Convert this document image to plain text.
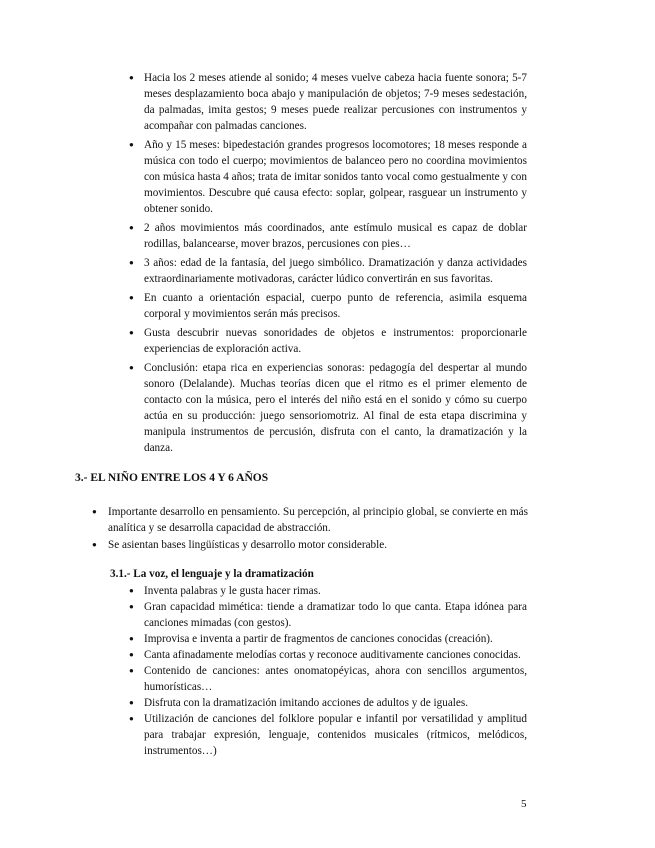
● Hacia los 2 meses atiende al sonido; 4 meses vuelve cabeza hacia fuente sonora; 5-7 meses desplazamiento boca abajo y manipulación de objetos; 7-9 meses sedestación, da palmadas, imita gestos; 9 meses puede realizar percusiones con instrumentos y acompañar con palmadas canciones.
● Año y 15 meses: bipedestación grandes progresos locomotores; 18 meses responde a música con todo el cuerpo; movimientos de balanceo pero no coordina movimientos con música hasta 4 años; trata de imitar sonidos tanto vocal como gestualmente y con movimientos. Descubre qué causa efecto: soplar, golpear, rasguear un instrumento y obtener sonido.
● 2 años movimientos más coordinados, ante estímulo musical es capaz de doblar rodillas, balancearse, mover brazos, percusiones con pies…
● 3 años: edad de la fantasía, del juego simbólico. Dramatización y danza actividades extraordinariamente motivadoras, carácter lúdico convertirán en sus favoritas.
● En cuanto a orientación espacial, cuerpo punto de referencia, asimila esquema corporal y movimientos serán más precisos.
● Gusta descubrir nuevas sonoridades de objetos e instrumentos: proporcionarle experiencias de exploración activa.
● Conclusión: etapa rica en experiencias sonoras: pedagogía del despertar al mundo sonoro (Delalande). Muchas teorías dicen que el ritmo es el primer elemento de contacto con la música, pero el interés del niño está en el sonido y cómo su cuerpo actúa en su producción: juego sensoriomotriz. Al final de esta etapa discrimina y manipula instrumentos de percusión, disfruta con el canto, la dramatización y la danza.
3.- EL NIÑO ENTRE LOS 4 Y 6 AÑOS
● Importante desarrollo en pensamiento. Su percepción, al principio global, se convierte en más analítica y se desarrolla capacidad de abstracción.
● Se asientan bases lingüísticas y desarrollo motor considerable.
3.1.- La voz, el lenguaje y la dramatización
● Inventa palabras y le gusta hacer rimas.
● Gran capacidad mimética: tiende a dramatizar todo lo que canta. Etapa idónea para canciones mimadas (con gestos).
● Improvisa e inventa a partir de fragmentos de canciones conocidas (creación).
● Canta afinadamente melodías cortas y reconoce auditivamente canciones conocidas.
● Contenido de canciones: antes onomatopéyicas, ahora con sencillos argumentos, humorísticas…
● Disfruta con la dramatización imitando acciones de adultos y de iguales.
● Utilización de canciones del folklore popular e infantil por versatilidad y amplitud para trabajar expresión, lenguaje, contenidos musicales (rítmicos, melódicos, instrumentos…)
5
